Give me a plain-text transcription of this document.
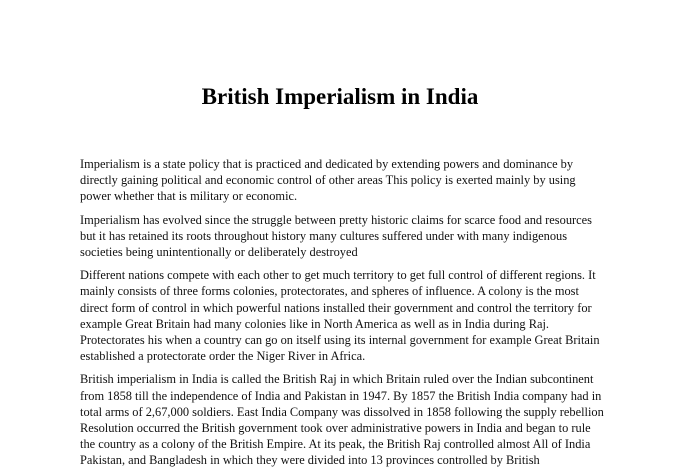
British Imperialism in India

Imperialism is a state policy that is practiced and dedicated by extending powers and dominance by
directly gaining political and economic control of other areas This policy is exerted mainly by using
power whether that is military or economic.

Imperialism has evolved since the struggle between pretty historic claims for scarce food and resources
but it has retained its roots throughout history many cultures suffered under with many indigenous
societies being unintentionally or deliberately destroyed

Different nations compete with each other to get much territory to get full control of different regions. It
mainly consists of three forms colonies, protectorates, and spheres of influence. A colony is the most
direct form of control in which powerful nations installed their government and control the territory for
example Great Britain had many colonies like in North America as well as in India during Raj.
Protectorates his when a country can go on itself using its internal government for example Great Britain
established a protectorate order the Niger River in Africa.

British imperialism in India is called the British Raj in which Britain ruled over the Indian subcontinent
from 1858 till the independence of India and Pakistan in 1947. By 1857 the British India company had in
total arms of 2,67,000 soldiers. East India Company was dissolved in 1858 following the supply rebellion
Resolution occurred the British government took over administrative powers in India and began to rule
the country as a colony of the British Empire. At its peak, the British Raj controlled almost All of India
Pakistan, and Bangladesh in which they were divided into 13 provinces controlled by British
